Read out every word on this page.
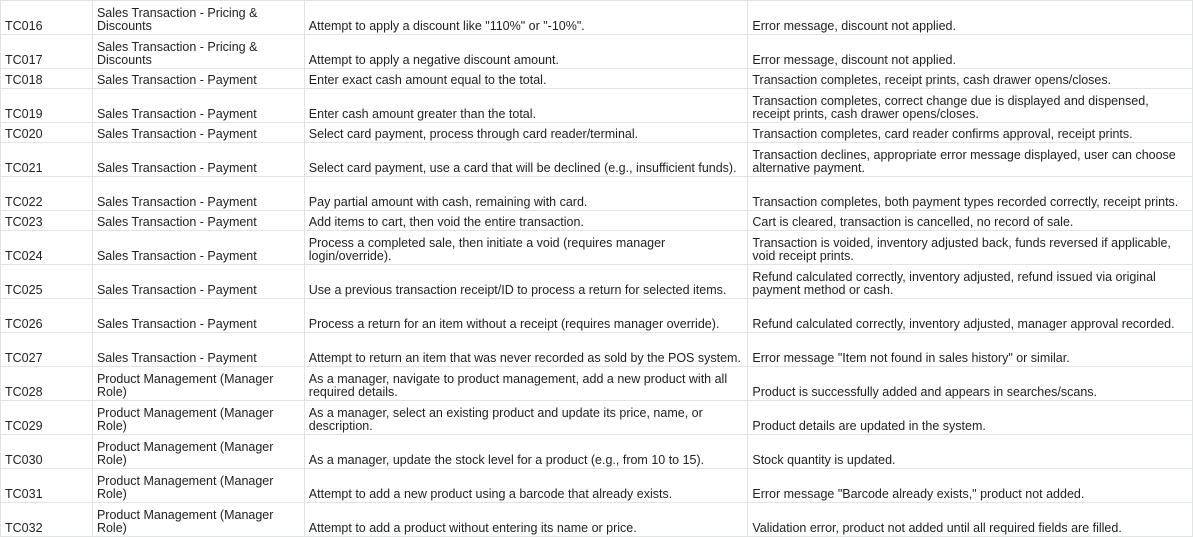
TC016	Sales Transaction - Pricing & Discounts	Attempt to apply a discount like "110%" or "-10%".	Error message, discount not applied.
TC017	Sales Transaction - Pricing & Discounts	Attempt to apply a negative discount amount.	Error message, discount not applied.
TC018	Sales Transaction - Payment	Enter exact cash amount equal to the total.	Transaction completes, receipt prints, cash drawer opens/closes.
TC019	Sales Transaction - Payment	Enter cash amount greater than the total.	Transaction completes, correct change due is displayed and dispensed, receipt prints, cash drawer opens/closes.
TC020	Sales Transaction - Payment	Select card payment, process through card reader/terminal.	Transaction completes, card reader confirms approval, receipt prints.
TC021	Sales Transaction - Payment	Select card payment, use a card that will be declined (e.g., insufficient funds).	Transaction declines, appropriate error message displayed, user can choose alternative payment.
TC022	Sales Transaction - Payment	Pay partial amount with cash, remaining with card.	Transaction completes, both payment types recorded correctly, receipt prints.
TC023	Sales Transaction - Payment	Add items to cart, then void the entire transaction.	Cart is cleared, transaction is cancelled, no record of sale.
TC024	Sales Transaction - Payment	Process a completed sale, then initiate a void (requires manager login/override).	Transaction is voided, inventory adjusted back, funds reversed if applicable, void receipt prints.
TC025	Sales Transaction - Payment	Use a previous transaction receipt/ID to process a return for selected items.	Refund calculated correctly, inventory adjusted, refund issued via original payment method or cash.
TC026	Sales Transaction - Payment	Process a return for an item without a receipt (requires manager override).	Refund calculated correctly, inventory adjusted, manager approval recorded.
TC027	Sales Transaction - Payment	Attempt to return an item that was never recorded as sold by the POS system.	Error message "Item not found in sales history" or similar.
TC028	Product Management (Manager Role)	As a manager, navigate to product management, add a new product with all required details.	Product is successfully added and appears in searches/scans.
TC029	Product Management (Manager Role)	As a manager, select an existing product and update its price, name, or description.	Product details are updated in the system.
TC030	Product Management (Manager Role)	As a manager, update the stock level for a product (e.g., from 10 to 15).	Stock quantity is updated.
TC031	Product Management (Manager Role)	Attempt to add a new product using a barcode that already exists.	Error message "Barcode already exists," product not added.
TC032	Product Management (Manager Role)	Attempt to add a product without entering its name or price.	Validation error, product not added until all required fields are filled.
